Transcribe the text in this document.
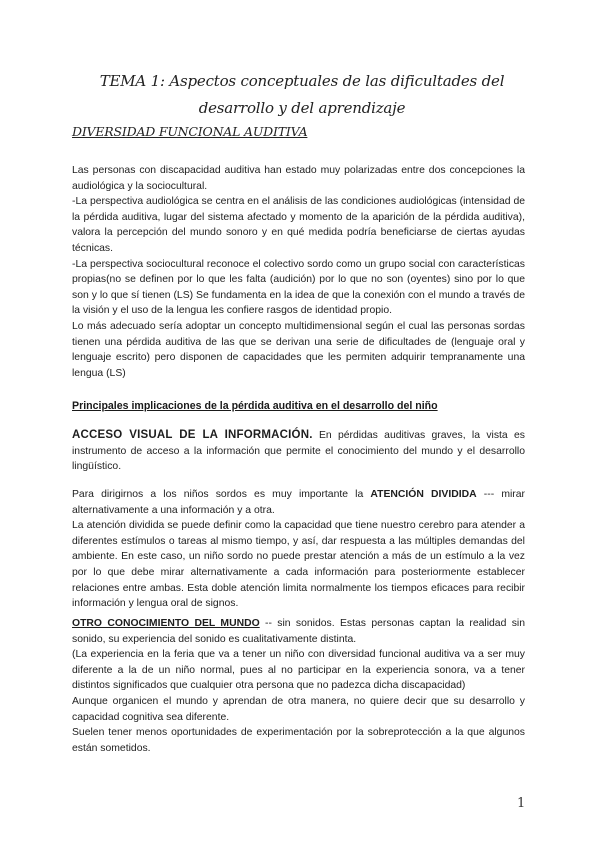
TEMA 1: Aspectos conceptuales de las dificultades del desarrollo y del aprendizaje
DIVERSIDAD FUNCIONAL AUDITIVA

Las personas con discapacidad auditiva han estado muy polarizadas entre dos concepciones la audiológica y la sociocultural.

-La perspectiva audiológica se centra en el análisis de las condiciones audiológicas (intensidad de la pérdida auditiva, lugar del sistema afectado y momento de la aparición de la pérdida auditiva), valora la percepción del mundo sonoro y en qué medida podría beneficiarse de ciertas ayudas técnicas.

-La perspectiva sociocultural reconoce el colectivo sordo como un grupo social con características propias(no se definen por lo que les falta (audición) por lo que no son (oyentes) sino por lo que son y lo que sí tienen (LS) Se fundamenta en la idea de que la conexión con el mundo a través de la visión y el uso de la lengua les confiere rasgos de identidad propio.

Lo más adecuado sería adoptar un concepto multidimensional según el cual las personas sordas tienen una pérdida auditiva de las que se derivan una serie de dificultades de (lenguaje oral y lenguaje escrito) pero disponen de capacidades que les permiten adquirir tempranamente una lengua (LS)

Principales implicaciones de la pérdida auditiva en el desarrollo del niño

ACCESO VISUAL DE LA INFORMACIÓN. En pérdidas auditivas graves, la vista es instrumento de acceso a la información que permite el conocimiento del mundo y el desarrollo lingüístico.

Para dirigirnos a los niños sordos es muy importante la ATENCIÓN DIVIDIDA --- mirar alternativamente a una información y a otra.

La atención dividida se puede definir como la capacidad que tiene nuestro cerebro para atender a diferentes estímulos o tareas al mismo tiempo, y así, dar respuesta a las múltiples demandas del ambiente. En este caso, un niño sordo no puede prestar atención a más de un estímulo a la vez por lo que debe mirar alternativamente a cada información para posteriormente establecer relaciones entre ambas. Esta doble atención limita normalmente los tiempos eficaces para recibir información y lengua oral de signos.

OTRO CONOCIMIENTO DEL MUNDO -- sin sonidos. Estas personas captan la realidad sin sonido, su experiencia del sonido es cualitativamente distinta.

(La experiencia en la feria que va a tener un niño con diversidad funcional auditiva va a ser muy diferente a la de un niño normal, pues al no participar en la experiencia sonora, va a tener distintos significados que cualquier otra persona que no padezca dicha discapacidad)

Aunque organicen el mundo y aprendan de otra manera, no quiere decir que su desarrollo y capacidad cognitiva sea diferente.

Suelen tener menos oportunidades de experimentación por la sobreprotección a la que algunos están sometidos.

1
